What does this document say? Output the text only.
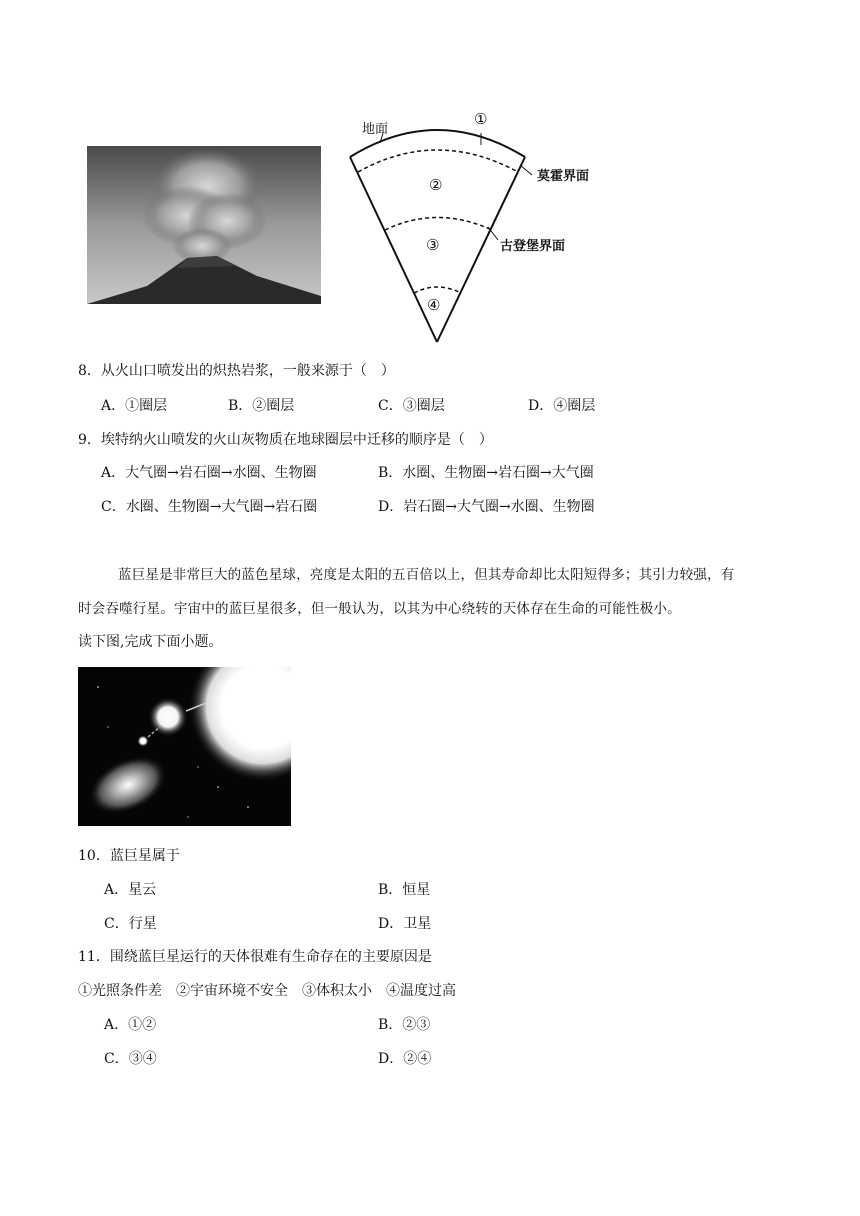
地面
①
②
③
④
莫霍界面
古登堡界面
8．从火山口喷发出的炽热岩浆，一般来源于（　）
A．①圈层	B．②圈层	C．③圈层	D．④圈层
9．埃特纳火山喷发的火山灰物质在地球圈层中迁移的顺序是（　）
A．大气圈→岩石圈→水圈、生物圈	B．水圈、生物圈→岩石圈→大气圈
C．水圈、生物圈→大气圈→岩石圈	D．岩石圈→大气圈→水圈、生物圈
蓝巨星是非常巨大的蓝色星球，亮度是太阳的五百倍以上，但其寿命却比太阳短得多；其引力较强，有
时会吞噬行星。宇宙中的蓝巨星很多，但一般认为，以其为中心绕转的天体存在生命的可能性极小。
读下图,完成下面小题。
10．蓝巨星属于
A．星云	B．恒星
C．行星	D．卫星
11．围绕蓝巨星运行的天体很难有生命存在的主要原因是
①光照条件差　②宇宙环境不安全　③体积太小　④温度过高
A．①②	B．②③
C．③④	D．②④
